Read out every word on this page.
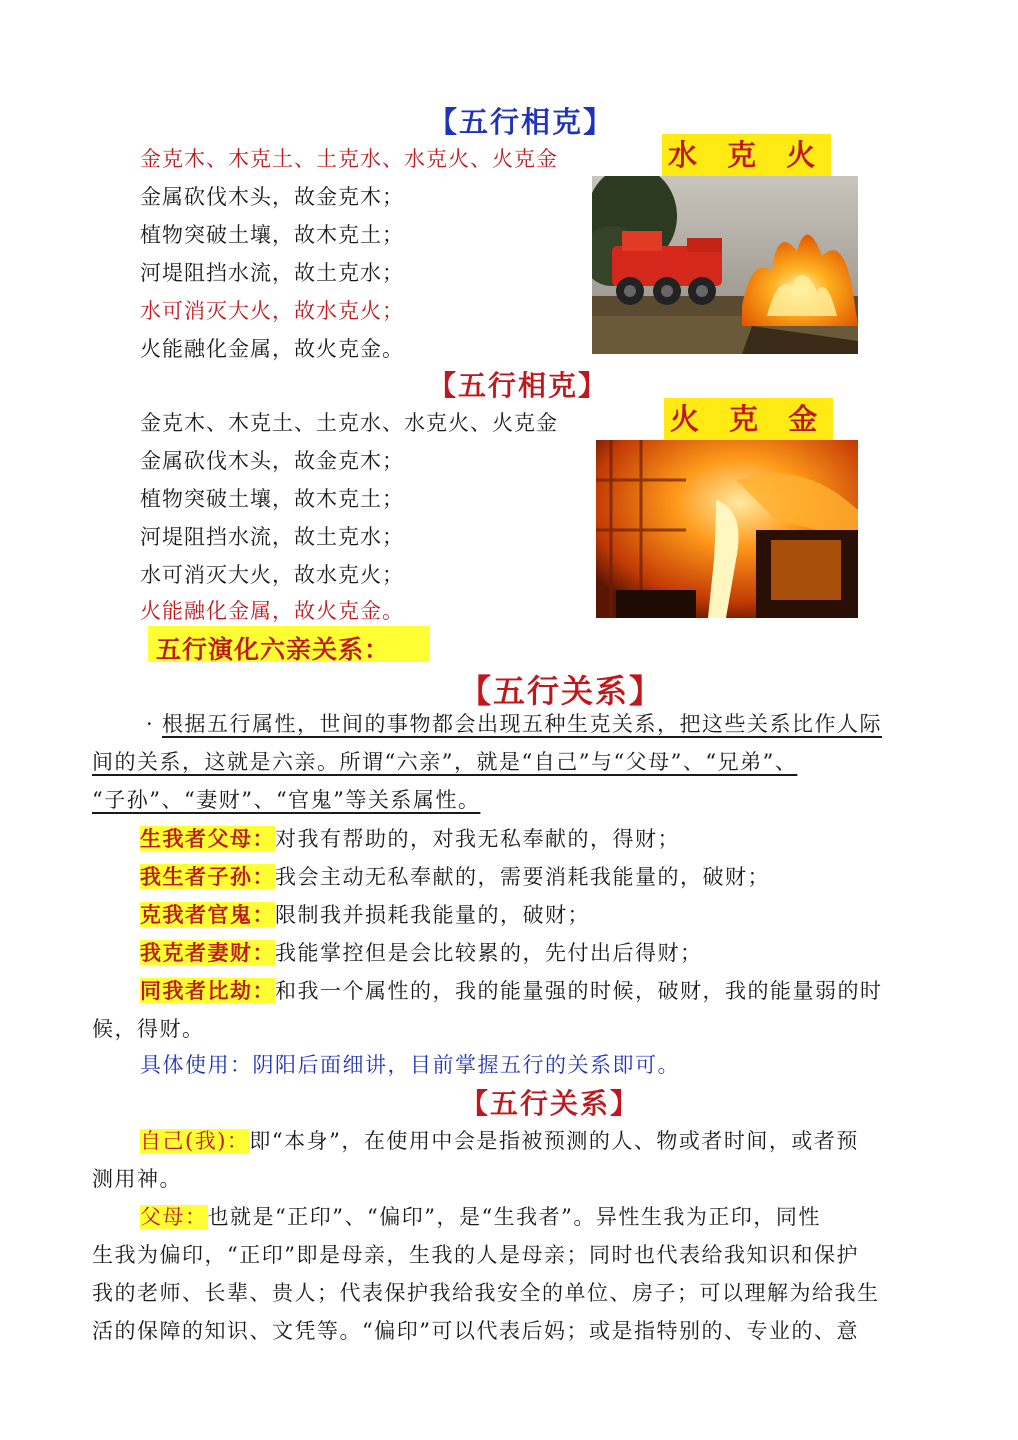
【五行相克】
金克木、木克土、土克水、水克火、火克金
金属砍伐木头，故金克木；
植物突破土壤，故木克土；
河堤阻挡水流，故土克水；
水可消灭大火，故水克火；
火能融化金属，故火克金。
水 克 火
【五行相克】
金克木、木克土、土克水、水克火、火克金
金属砍伐木头，故金克木；
植物突破土壤，故木克土；
河堤阻挡水流，故土克水；
水可消灭大火，故水克火；
火能融化金属，故火克金。
火 克 金
五行演化六亲关系：
【五行关系】
· 根据五行属性，世间的事物都会出现五种生克关系，把这些关系比作人际
间的关系，这就是六亲。所谓“六亲”，就是“自己”与“父母”、“兄弟”、
“子孙”、“妻财”、“官鬼”等关系属性。
生我者父母：对我有帮助的，对我无私奉献的，得财；
我生者子孙：我会主动无私奉献的，需要消耗我能量的，破财；
克我者官鬼：限制我并损耗我能量的，破财；
我克者妻财：我能掌控但是会比较累的，先付出后得财；
同我者比劫：和我一个属性的，我的能量强的时候，破财，我的能量弱的时
候，得财。
具体使用：阴阳后面细讲，目前掌握五行的关系即可。
【五行关系】
自己(我)：即“本身”，在使用中会是指被预测的人、物或者时间，或者预
测用神。
父母：也就是“正印”、“偏印”，是“生我者”。异性生我为正印，同性
生我为偏印，“正印”即是母亲，生我的人是母亲；同时也代表给我知识和保护
我的老师、长辈、贵人；代表保护我给我安全的单位、房子；可以理解为给我生
活的保障的知识、文凭等。“偏印”可以代表后妈；或是指特别的、专业的、意
